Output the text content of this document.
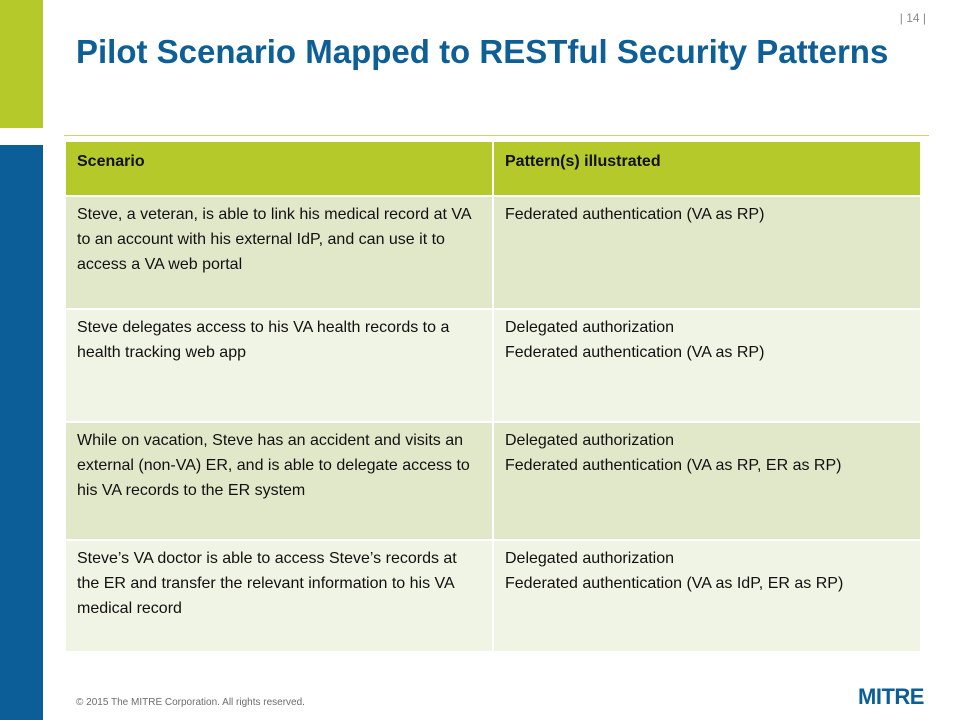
| 14 |
Pilot Scenario Mapped to RESTful Security Patterns
Scenario	Pattern(s) illustrated
Steve, a veteran, is able to link his medical record at VA to an account with his external IdP, and can use it to access a VA web portal	Federated authentication (VA as RP)

Steve delegates access to his VA health records to a health tracking web app	Delegated authorization
Federated authentication (VA as RP)

While on vacation, Steve has an accident and visits an external (non-VA) ER, and is able to delegate access to his VA records to the ER system	Delegated authorization
Federated authentication (VA as RP, ER as RP)

Steve’s VA doctor is able to access Steve’s records at the ER and transfer the relevant information to his VA medical record	Delegated authorization
Federated authentication (VA as IdP, ER as RP)
© 2015 The MITRE Corporation. All rights reserved.	MITRE
